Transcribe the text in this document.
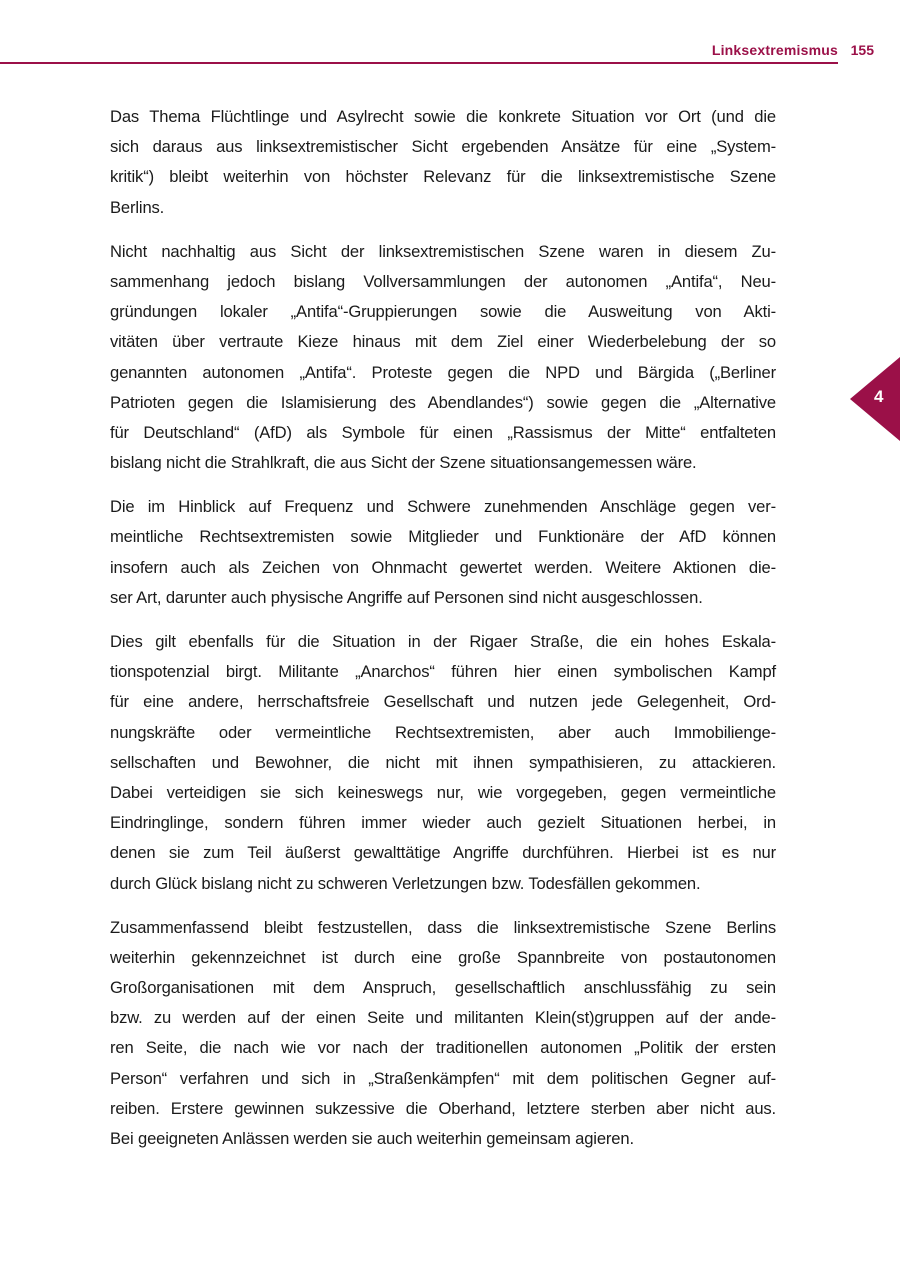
Linksextremismus 155
4
Das Thema Flüchtlinge und Asylrecht sowie die konkrete Situation vor Ort (und die
sich daraus aus linksextremistischer Sicht ergebenden Ansätze für eine „System-
kritik“) bleibt weiterhin von höchster Relevanz für die linksextremistische Szene
Berlins.
Nicht nachhaltig aus Sicht der linksextremistischen Szene waren in diesem Zu-
sammenhang jedoch bislang Vollversammlungen der autonomen „Antifa“, Neu-
gründungen lokaler „Antifa“-Gruppierungen sowie die Ausweitung von Akti-
vitäten über vertraute Kieze hinaus mit dem Ziel einer Wiederbelebung der so
genannten autonomen „Antifa“. Proteste gegen die NPD und Bärgida („Berliner
Patrioten gegen die Islamisierung des Abendlandes“) sowie gegen die „Alternative
für Deutschland“ (AfD) als Symbole für einen „Rassismus der Mitte“ entfalteten
bislang nicht die Strahlkraft, die aus Sicht der Szene situationsangemessen wäre.
Die im Hinblick auf Frequenz und Schwere zunehmenden Anschläge gegen ver-
meintliche Rechtsextremisten sowie Mitglieder und Funktionäre der AfD können
insofern auch als Zeichen von Ohnmacht gewertet werden. Weitere Aktionen die-
ser Art, darunter auch physische Angriffe auf Personen sind nicht ausgeschlossen.
Dies gilt ebenfalls für die Situation in der Rigaer Straße, die ein hohes Eskala-
tionspotenzial birgt. Militante „Anarchos“ führen hier einen symbolischen Kampf
für eine andere, herrschaftsfreie Gesellschaft und nutzen jede Gelegenheit, Ord-
nungskräfte oder vermeintliche Rechtsextremisten, aber auch Immobilienge-
sellschaften und Bewohner, die nicht mit ihnen sympathisieren, zu attackieren.
Dabei verteidigen sie sich keineswegs nur, wie vorgegeben, gegen vermeintliche
Eindringlinge, sondern führen immer wieder auch gezielt Situationen herbei, in
denen sie zum Teil äußerst gewalttätige Angriffe durchführen. Hierbei ist es nur
durch Glück bislang nicht zu schweren Verletzungen bzw. Todesfällen gekommen.
Zusammenfassend bleibt festzustellen, dass die linksextremistische Szene Berlins
weiterhin gekennzeichnet ist durch eine große Spannbreite von postautonomen
Großorganisationen mit dem Anspruch, gesellschaftlich anschlussfähig zu sein
bzw. zu werden auf der einen Seite und militanten Klein(st)gruppen auf der ande-
ren Seite, die nach wie vor nach der traditionellen autonomen „Politik der ersten
Person“ verfahren und sich in „Straßenkämpfen“ mit dem politischen Gegner auf-
reiben. Erstere gewinnen sukzessive die Oberhand, letztere sterben aber nicht aus.
Bei geeigneten Anlässen werden sie auch weiterhin gemeinsam agieren.
